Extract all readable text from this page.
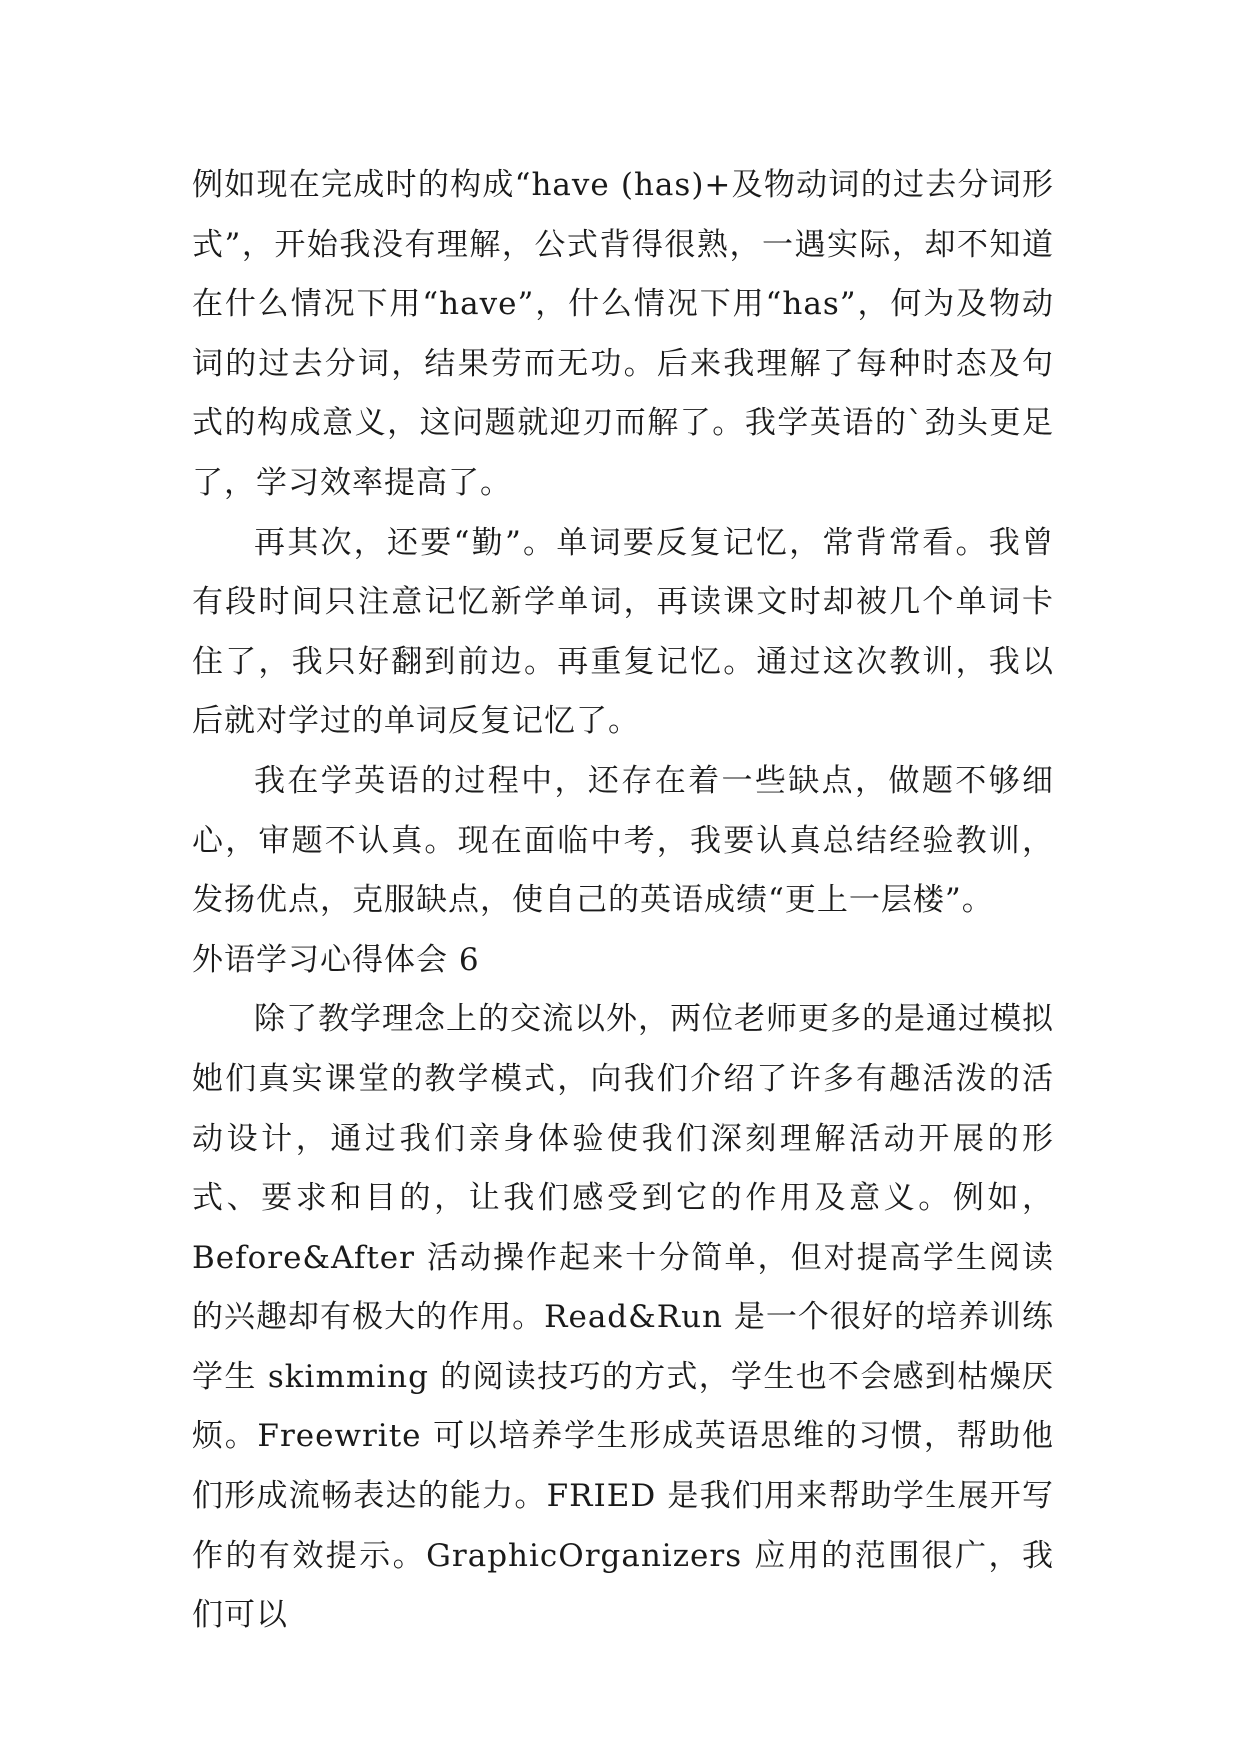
例如现在完成时的构成“have (has)+及物动词的过去分词形式”，开始我没有理解，公式背得很熟，一遇实际，却不知道在什么情况下用“have”，什么情况下用“has”，何为及物动词的过去分词，结果劳而无功。后来我理解了每种时态及句式的构成意义，这问题就迎刃而解了。我学英语的`劲头更足了，学习效率提高了。

再其次，还要“勤”。单词要反复记忆，常背常看。我曾有段时间只注意记忆新学单词，再读课文时却被几个单词卡住了，我只好翻到前边。再重复记忆。通过这次教训，我以后就对学过的单词反复记忆了。

我在学英语的过程中，还存在着一些缺点，做题不够细心，审题不认真。现在面临中考，我要认真总结经验教训，发扬优点，克服缺点，使自己的英语成绩“更上一层楼”。

外语学习心得体会 6

除了教学理念上的交流以外，两位老师更多的是通过模拟她们真实课堂的教学模式，向我们介绍了许多有趣活泼的活动设计，通过我们亲身体验使我们深刻理解活动开展的形式、要求和目的，让我们感受到它的作用及意义。例如，Before&After 活动操作起来十分简单，但对提高学生阅读的兴趣却有极大的作用。Read&Run 是一个很好的培养训练学生 skimming 的阅读技巧的方式，学生也不会感到枯燥厌烦。Freewrite 可以培养学生形成英语思维的习惯，帮助他们形成流畅表达的能力。FRIED 是我们用来帮助学生展开写作的有效提示。GraphicOrganizers 应用的范围很广，我们可以
